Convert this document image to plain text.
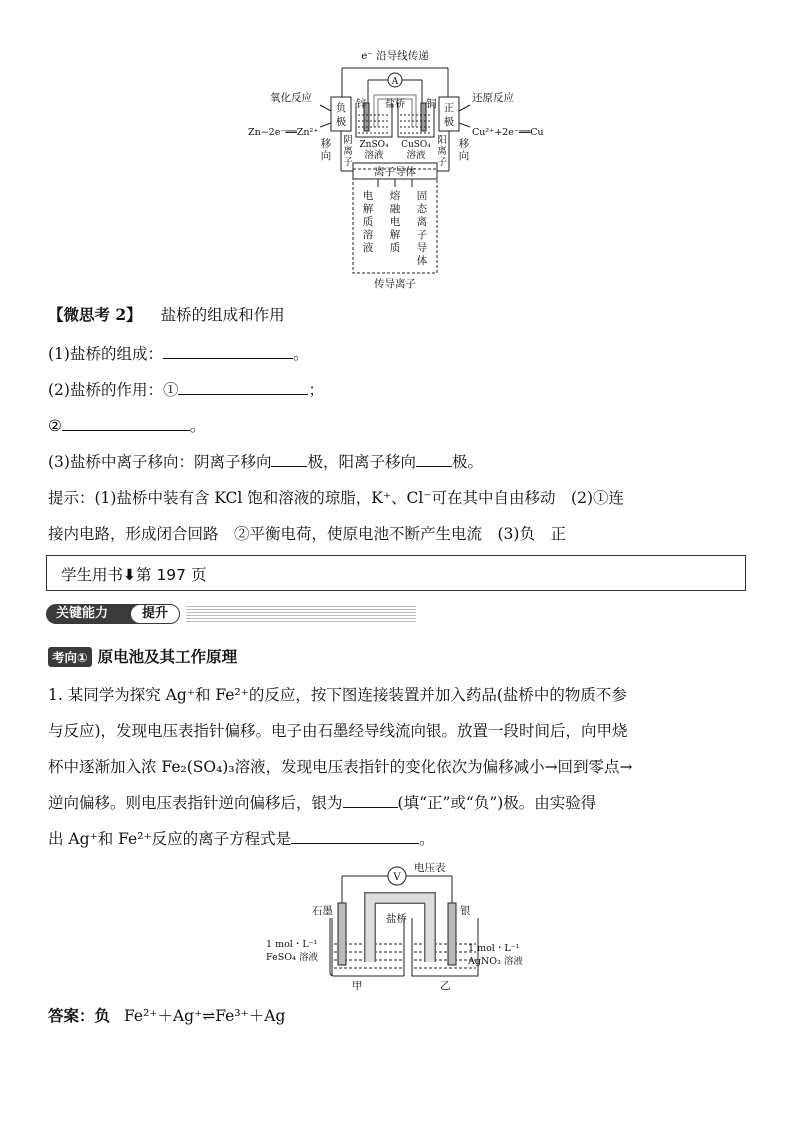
e⁻ 沿导线传递
A
氧化反应	还原反应
负
极
正
极
锌 盐桥 铜
ZnSO₄
溶液
CuSO₄
溶液
Zn−2e⁻══Zn²⁺	Cu²⁺+2e⁻══Cu
移
向
阴
离
子
阳
离
子
移
向
离子导体
电
解
质
溶
液
熔
融
电
解
质
固
态
离
子
导
体
传导离子
【微思考 2】 盐桥的组成和作用
(1)盐桥的组成：	。
(2)盐桥的作用：①	；
②	。
(3)盐桥中离子移向：阴离子移向 极，阳离子移向 极。
提示：(1)盐桥中装有含 KCl 饱和溶液的琼脂，K⁺、Cl⁻可在其中自由移动　(2)①连
接内电路，形成闭合回路　②平衡电荷，使原电池不断产生电流　(3)负　正
学生用书⬇第 197 页
关键能力	提升
考向① 原电池及其工作原理
1. 某同学为探究 Ag⁺和 Fe²⁺的反应，按下图连接装置并加入药品(盐桥中的物质不参
与反应)，发现电压表指针偏移。电子由石墨经导线流向银。放置一段时间后，向甲烧
杯中逐渐加入浓 Fe₂(SO₄)₃溶液，发现电压表指针的变化依次为偏移减小→回到零点→
逆向偏移。则电压表指针逆向偏移后，银为	(填“正”或“负”)极。由实验得
出 Ag⁺和 Fe²⁺反应的离子方程式是	。
V
电压表
石墨
盐桥
银
1 mol・L⁻¹
FeSO₄ 溶液
1 mol・L⁻¹
AgNO₃ 溶液
甲	乙
答案：负 Fe²⁺＋Ag⁺⇌Fe³⁺＋Ag
